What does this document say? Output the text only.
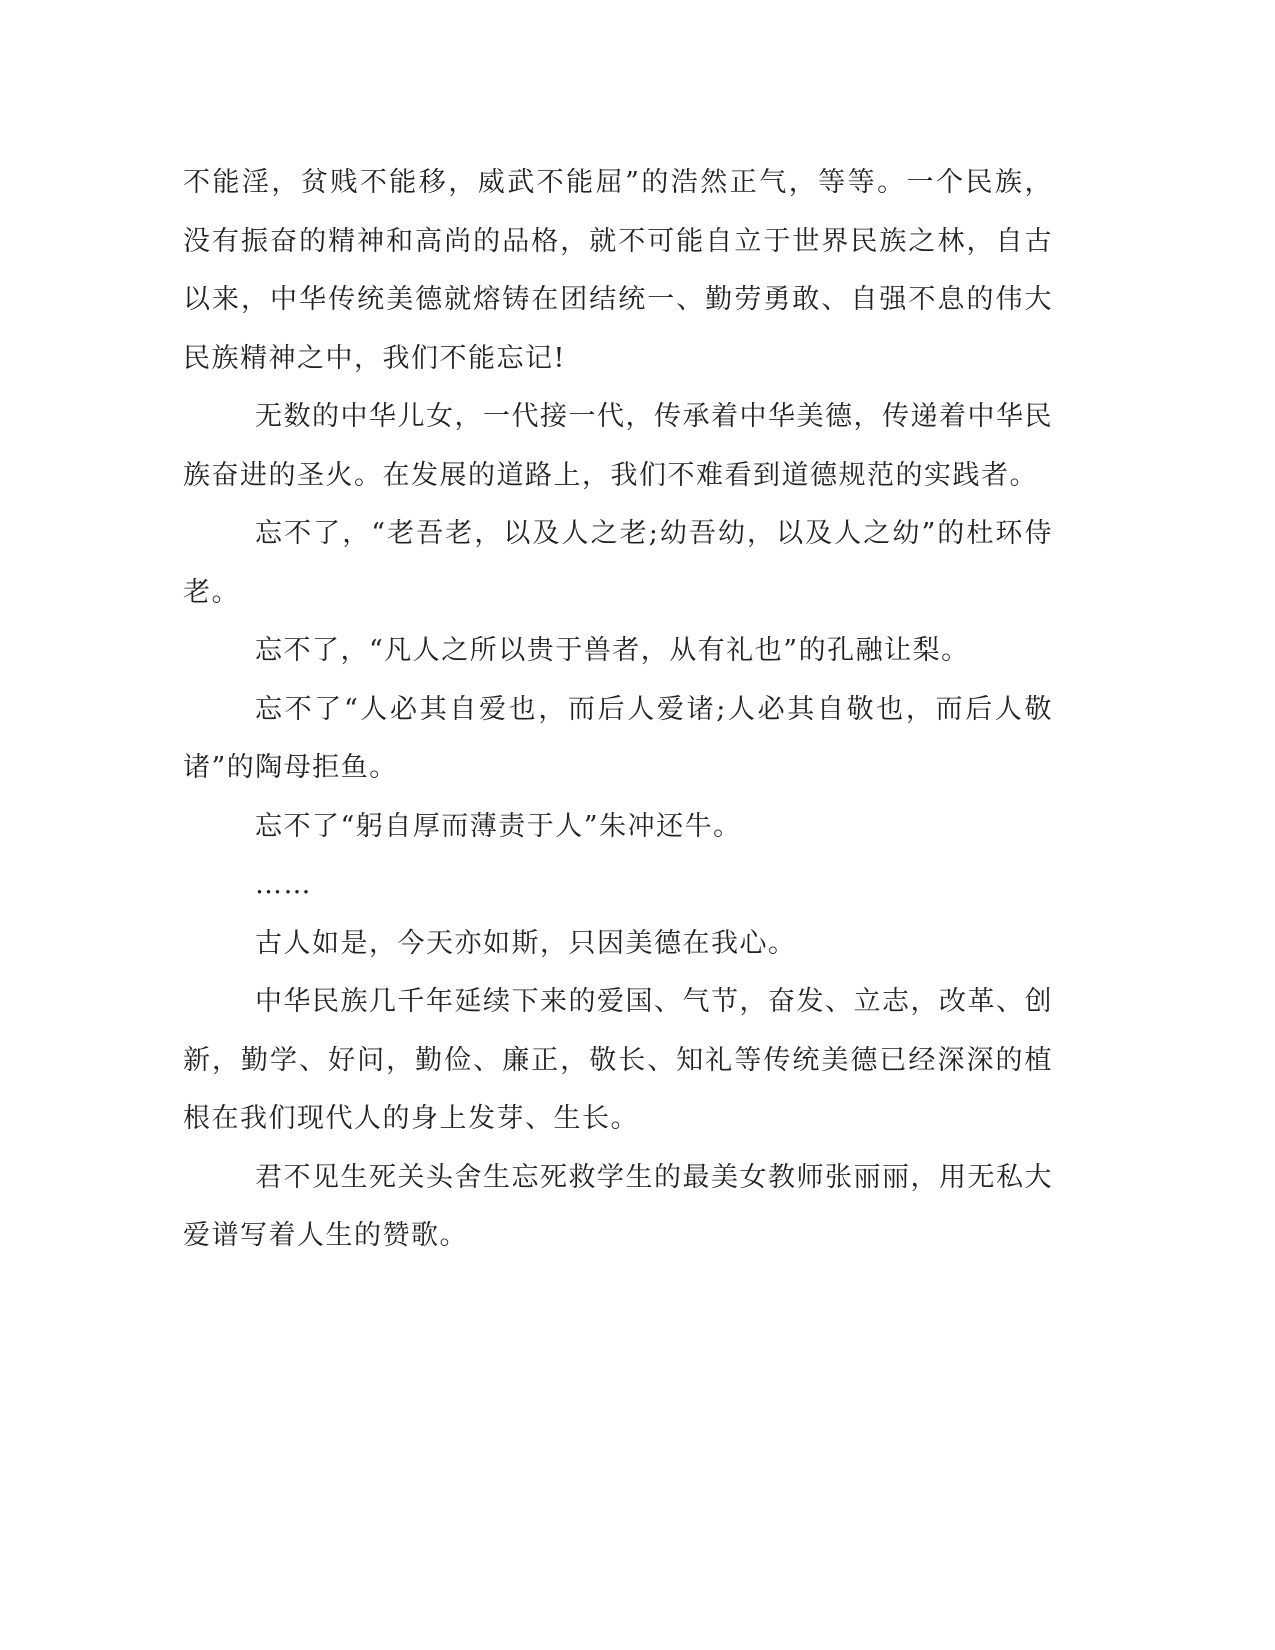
不能淫，贫贱不能移，威武不能屈”的浩然正气，等等。一个民族，没有振奋的精神和高尚的品格，就不可能自立于世界民族之林，自古以来，中华传统美德就熔铸在团结统一、勤劳勇敢、自强不息的伟大民族精神之中，我们不能忘记!

无数的中华儿女，一代接一代，传承着中华美德，传递着中华民族奋进的圣火。在发展的道路上，我们不难看到道德规范的实践者。

忘不了，“老吾老，以及人之老;幼吾幼，以及人之幼”的杜环侍老。

忘不了，“凡人之所以贵于兽者，从有礼也”的孔融让梨。

忘不了“人必其自爱也，而后人爱诸;人必其自敬也，而后人敬诸”的陶母拒鱼。

忘不了“躬自厚而薄责于人”朱冲还牛。

……

古人如是，今天亦如斯，只因美德在我心。

中华民族几千年延续下来的爱国、气节，奋发、立志，改革、创新，勤学、好问，勤俭、廉正，敬长、知礼等传统美德已经深深的植根在我们现代人的身上发芽、生长。

君不见生死关头舍生忘死救学生的最美女教师张丽丽，用无私大爱谱写着人生的赞歌。
